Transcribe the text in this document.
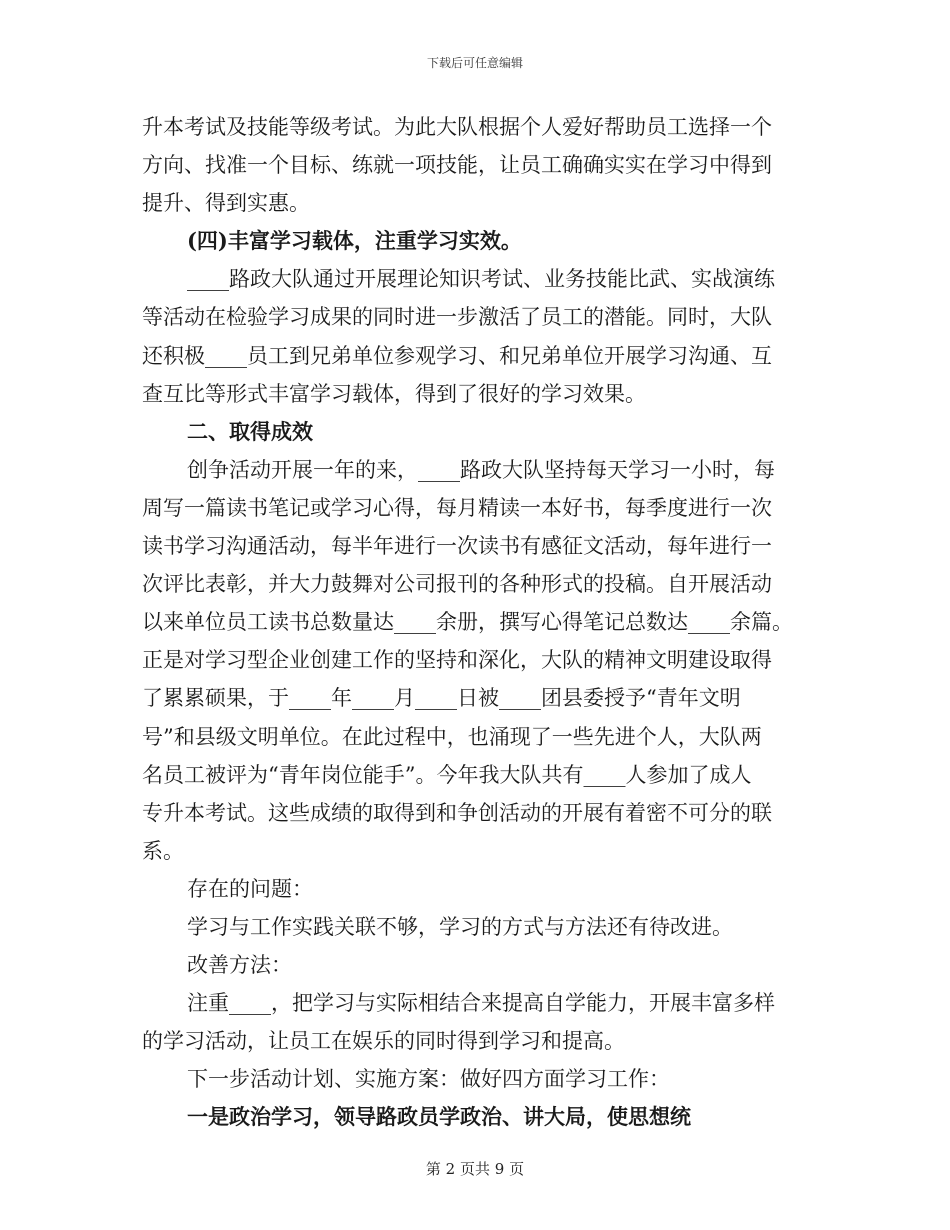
下载后可任意编辑
升本考试及技能等级考试。为此大队根据个人爱好帮助员工选择一个
方向、找准一个目标、练就一项技能，让员工确确实实在学习中得到
提升、得到实惠。
(四)丰富学习载体，注重学习实效。
____路政大队通过开展理论知识考试、业务技能比武、实战演练
等活动在检验学习成果的同时进一步激活了员工的潜能。同时，大队
还积极____员工到兄弟单位参观学习、和兄弟单位开展学习沟通、互
查互比等形式丰富学习载体，得到了很好的学习效果。
二、取得成效
创争活动开展一年的来，____路政大队坚持每天学习一小时，每
周写一篇读书笔记或学习心得，每月精读一本好书，每季度进行一次
读书学习沟通活动，每半年进行一次读书有感征文活动，每年进行一
次评比表彰，并大力鼓舞对公司报刊的各种形式的投稿。自开展活动
以来单位员工读书总数量达____余册，撰写心得笔记总数达____余篇。
正是对学习型企业创建工作的坚持和深化，大队的精神文明建设取得
了累累硕果，于____年____月____日被____团县委授予“青年文明
号”和县级文明单位。在此过程中，也涌现了一些先进个人，大队两
名员工被评为“青年岗位能手”。今年我大队共有____人参加了成人
专升本考试。这些成绩的取得到和争创活动的开展有着密不可分的联
系。
存在的问题：
学习与工作实践关联不够，学习的方式与方法还有待改进。
改善方法：
注重____，把学习与实际相结合来提高自学能力，开展丰富多样
的学习活动，让员工在娱乐的同时得到学习和提高。
下一步活动计划、实施方案：做好四方面学习工作：
一是政治学习，领导路政员学政治、讲大局，使思想统
第 2 页共 9 页
